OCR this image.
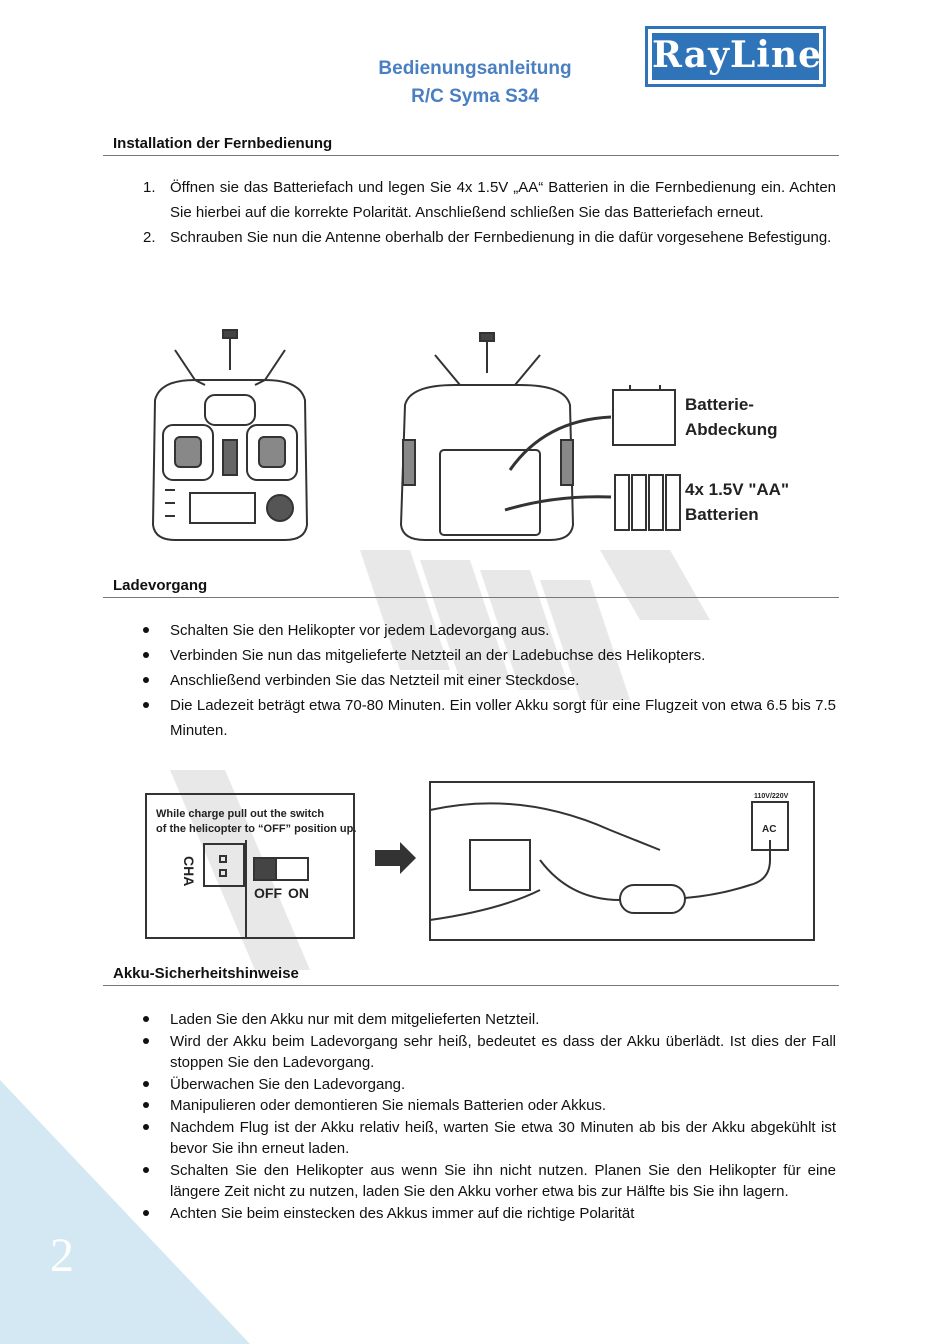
Bedienungsanleitung
R/C Syma S34
RayLine
Installation der Fernbedienung
1. Öffnen sie das Batteriefach und legen Sie 4x 1.5V „AA“ Batterien in die Fernbedienung ein. Achten Sie hierbei auf die korrekte Polarität. Anschließend schließen Sie das Batteriefach erneut.
2. Schrauben Sie nun die Antenne oberhalb der Fernbedienung in die dafür vorgesehene Befestigung.
Batterie-
Abdeckung
4x 1.5V "AA"
Batterien
Ladevorgang
Schalten Sie den Helikopter vor jedem Ladevorgang aus.
Verbinden Sie nun das mitgelieferte Netzteil an der Ladebuchse des Helikopters.
Anschließend verbinden Sie das Netzteil mit einer Steckdose.
Die Ladezeit beträgt etwa 70-80 Minuten. Ein voller Akku sorgt für eine Flugzeit von etwa 6.5 bis 7.5 Minuten.
While charge pull out the switch
of the helicopter to “OFF” position up.
CHA
OFF ON
110V/220V
AC
Akku-Sicherheitshinweise
Laden Sie den Akku nur mit dem mitgelieferten Netzteil.
Wird der Akku beim Ladevorgang sehr heiß, bedeutet es dass der Akku überlädt. Ist dies der Fall stoppen Sie den Ladevorgang.
Überwachen Sie den Ladevorgang.
Manipulieren oder demontieren Sie niemals Batterien oder Akkus.
Nachdem Flug ist der Akku relativ heiß, warten Sie etwa 30 Minuten ab bis der Akku abgekühlt ist bevor Sie ihn erneut laden.
Schalten Sie den Helikopter aus wenn Sie ihn nicht nutzen. Planen Sie den Helikopter für eine längere Zeit nicht zu nutzen, laden Sie den Akku vorher etwa bis zur Hälfte bis Sie ihn lagern.
Achten Sie beim einstecken des Akkus immer auf die richtige Polarität
2
